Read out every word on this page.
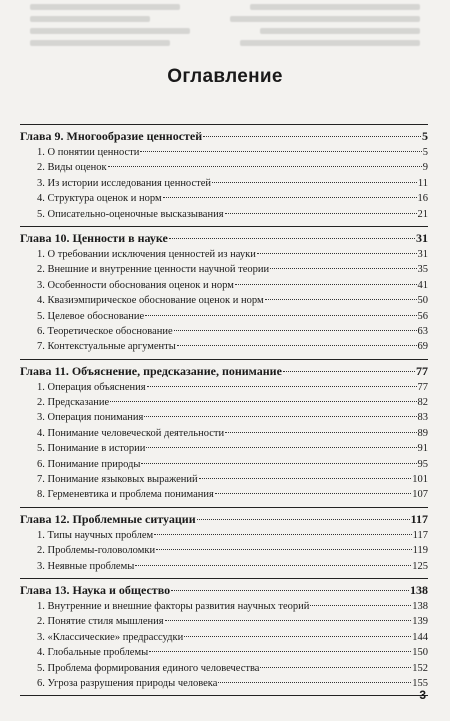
Оглавление
Глава 9. Многообразие ценностей	5
1. О понятии ценности	5
2. Виды оценок	9
3. Из истории исследования ценностей	11
4. Структура оценок и норм	16
5. Описательно-оценочные высказывания	21
Глава 10. Ценности в науке	31
1. О требовании исключения ценностей из науки	31
2. Внешние и внутренние ценности научной теории	35
3. Особенности обоснования оценок и норм	41
4. Квазиэмпирическое обоснование оценок и норм	50
5. Целевое обоснование	56
6. Теоретическое обоснование	63
7. Контекстуальные аргументы	69
Глава 11. Объяснение, предсказание, понимание	77
1. Операция объяснения	77
2. Предсказание	82
3. Операция понимания	83
4. Понимание человеческой деятельности	89
5. Понимание в истории	91
6. Понимание природы	95
7. Понимание языковых выражений	101
8. Герменевтика и проблема понимания	107
Глава 12. Проблемные ситуации	117
1. Типы научных проблем	117
2. Проблемы-головоломки	119
3. Неявные проблемы	125
Глава 13. Наука и общество	138
1. Внутренние и внешние факторы развития научных теорий	138
2. Понятие стиля мышления	139
3. «Классические» предрассудки	144
4. Глобальные проблемы	150
5. Проблема формирования единого человечества	152
6. Угроза разрушения природы человека	155
3
